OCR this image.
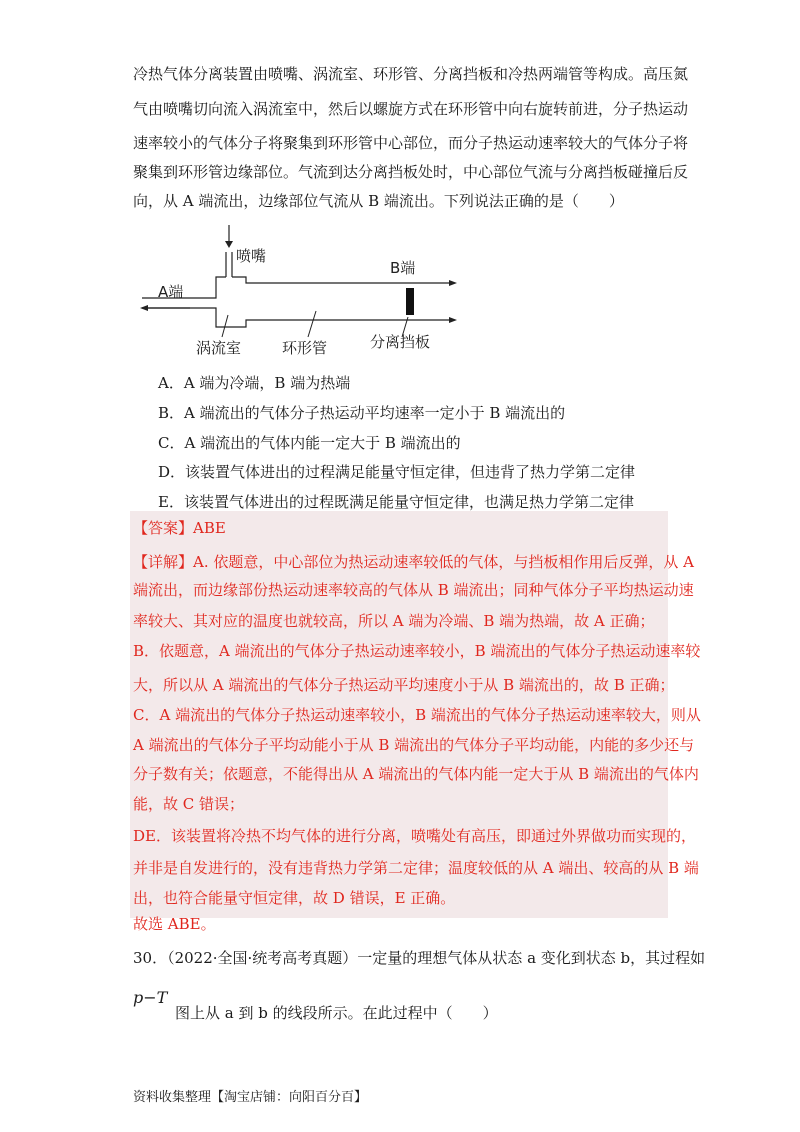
冷热气体分离装置由喷嘴、涡流室、环形管、分离挡板和冷热两端管等构成。高压氮
气由喷嘴切向流入涡流室中，然后以螺旋方式在环形管中向右旋转前进，分子热运动
速率较小的气体分子将聚集到环形管中心部位，而分子热运动速率较大的气体分子将
聚集到环形管边缘部位。气流到达分离挡板处时，中心部位气流与分离挡板碰撞后反
向，从 A 端流出，边缘部位气流从 B 端流出。下列说法正确的是（　　）
喷嘴
B端
A端
涡流室	环形管	分离挡板
A．A 端为冷端，B 端为热端
B．A 端流出的气体分子热运动平均速率一定小于 B 端流出的
C．A 端流出的气体内能一定大于 B 端流出的
D．该装置气体进出的过程满足能量守恒定律，但违背了热力学第二定律
E．该装置气体进出的过程既满足能量守恒定律，也满足热力学第二定律
【答案】ABE
【详解】A. 依题意，中心部位为热运动速率较低的气体，与挡板相作用后反弹，从 A
端流出，而边缘部份热运动速率较高的气体从 B 端流出；同种气体分子平均热运动速
率较大、其对应的温度也就较高，所以 A 端为冷端、B 端为热端，故 A 正确；
B．依题意，A 端流出的气体分子热运动速率较小，B 端流出的气体分子热运动速率较
大，所以从 A 端流出的气体分子热运动平均速度小于从 B 端流出的，故 B 正确；
C．A 端流出的气体分子热运动速率较小，B 端流出的气体分子热运动速率较大，则从
A 端流出的气体分子平均动能小于从 B 端流出的气体分子平均动能，内能的多少还与
分子数有关；依题意，不能得出从 A 端流出的气体内能一定大于从 B 端流出的气体内
能，故 C 错误；
DE．该装置将冷热不均气体的进行分离，喷嘴处有高压，即通过外界做功而实现的，
并非是自发进行的，没有违背热力学第二定律；温度较低的从 A 端出、较高的从 B 端
出，也符合能量守恒定律，故 D 错误，E 正确。
故选 ABE。
30．（2022·全国·统考高考真题）一定量的理想气体从状态 a 变化到状态 b，其过程如
p−T
图上从 a 到 b 的线段所示。在此过程中（　　）
资料收集整理【淘宝店铺：向阳百分百】
